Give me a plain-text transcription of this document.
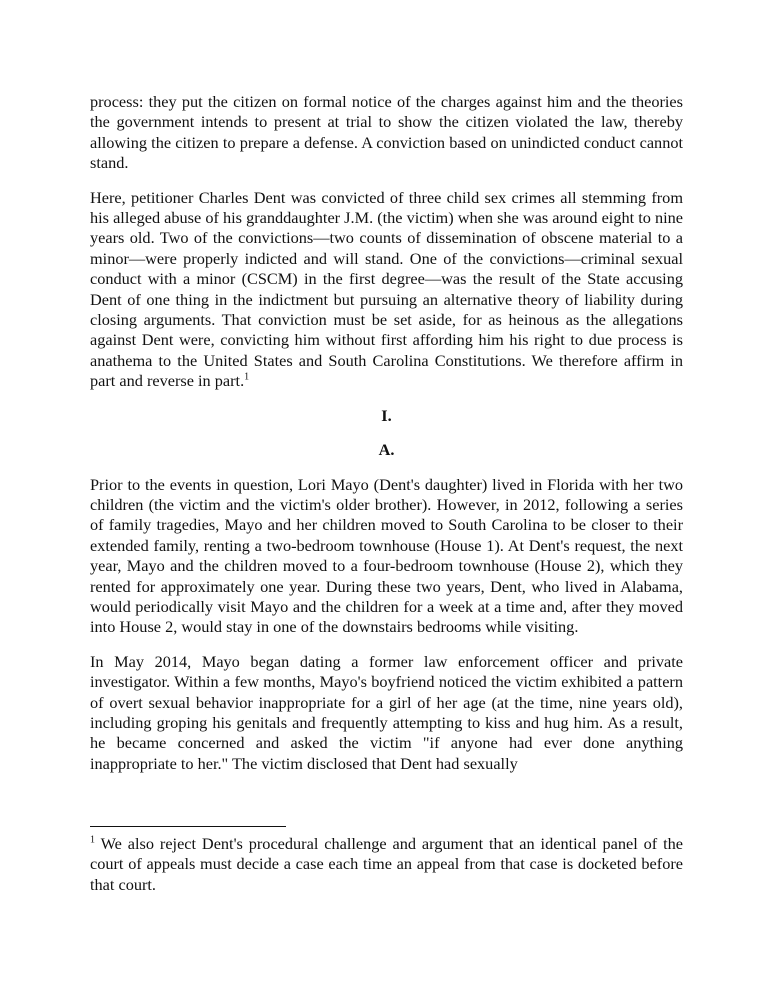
process: they put the citizen on formal notice of the charges against him and the theories the government intends to present at trial to show the citizen violated the law, thereby allowing the citizen to prepare a defense. A conviction based on unindicted conduct cannot stand.

Here, petitioner Charles Dent was convicted of three child sex crimes all stemming from his alleged abuse of his granddaughter J.M. (the victim) when she was around eight to nine years old. Two of the convictions—two counts of dissemination of obscene material to a minor—were properly indicted and will stand. One of the convictions—criminal sexual conduct with a minor (CSCM) in the first degree—was the result of the State accusing Dent of one thing in the indictment but pursuing an alternative theory of liability during closing arguments. That conviction must be set aside, for as heinous as the allegations against Dent were, convicting him without first affording him his right to due process is anathema to the United States and South Carolina Constitutions. We therefore affirm in part and reverse in part.$^1$

I.

A.

Prior to the events in question, Lori Mayo (Dent's daughter) lived in Florida with her two children (the victim and the victim's older brother). However, in 2012, following a series of family tragedies, Mayo and her children moved to South Carolina to be closer to their extended family, renting a two-bedroom townhouse (House 1). At Dent's request, the next year, Mayo and the children moved to a four-bedroom townhouse (House 2), which they rented for approximately one year. During these two years, Dent, who lived in Alabama, would periodically visit Mayo and the children for a week at a time and, after they moved into House 2, would stay in one of the downstairs bedrooms while visiting.

In May 2014, Mayo began dating a former law enforcement officer and private investigator. Within a few months, Mayo's boyfriend noticed the victim exhibited a pattern of overt sexual behavior inappropriate for a girl of her age (at the time, nine years old), including groping his genitals and frequently attempting to kiss and hug him. As a result, he became concerned and asked the victim "if anyone had ever done anything inappropriate to her." The victim disclosed that Dent had sexually

$^1$ We also reject Dent's procedural challenge and argument that an identical panel of the court of appeals must decide a case each time an appeal from that case is docketed before that court.
